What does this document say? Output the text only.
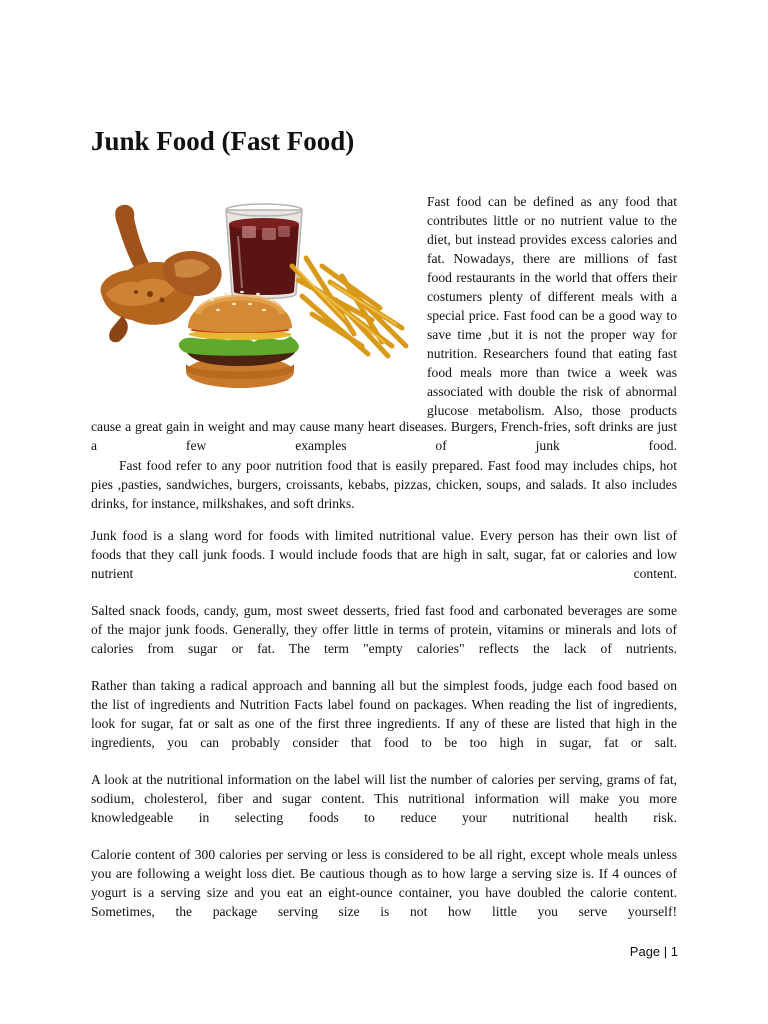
Junk Food (Fast Food)
Fast food can be defined as any food that
contributes little or no nutrient value to the
diet, but instead provides excess calories and
fat. Nowadays, there are millions of fast
food restaurants in the world that offers their
costumers plenty of different meals with a
special price. Fast food can be a good way to
save time ,but it is not the proper way for
nutrition. Researchers found that eating fast
food meals more than twice a week was
associated with double the risk of abnormal
glucose metabolism. Also, those products
cause a great gain in weight and may cause many heart diseases. Burgers, French-fries, soft drinks are just
a few examples of junk food.
Fast food refer to any poor nutrition food that is easily prepared. Fast food may includes chips, hot
pies ,pasties, sandwiches, burgers, croissants, kebabs, pizzas, chicken, soups, and salads. It also includes
drinks, for instance, milkshakes, and soft drinks.
Junk food is a slang word for foods with limited nutritional value. Every person has their own list of
foods that they call junk foods. I would include foods that are high in salt, sugar, fat or calories and low
nutrient content.
Salted snack foods, candy, gum, most sweet desserts, fried fast food and carbonated beverages are some
of the major junk foods. Generally, they offer little in terms of protein, vitamins or minerals and lots of
calories from sugar or fat. The term "empty calories" reflects the lack of nutrients.
Rather than taking a radical approach and banning all but the simplest foods, judge each food based on
the list of ingredients and Nutrition Facts label found on packages. When reading the list of ingredients,
look for sugar, fat or salt as one of the first three ingredients. If any of these are listed that high in the
ingredients, you can probably consider that food to be too high in sugar, fat or salt.
A look at the nutritional information on the label will list the number of calories per serving, grams of fat,
sodium, cholesterol, fiber and sugar content. This nutritional information will make you more
knowledgeable in selecting foods to reduce your nutritional health risk.
Calorie content of 300 calories per serving or less is considered to be all right, except whole meals unless
you are following a weight loss diet. Be cautious though as to how large a serving size is. If 4 ounces of
yogurt is a serving size and you eat an eight-ounce container, you have doubled the calorie content.
Sometimes, the package serving size is not how little you serve yourself!
Page | 1
